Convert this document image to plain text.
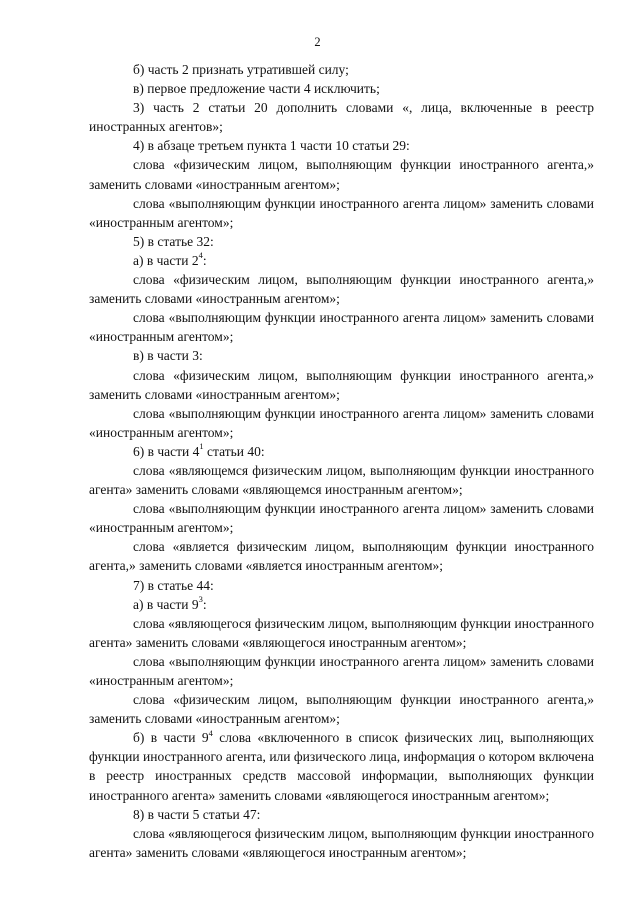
2

б) часть 2 признать утратившей силу;

в) первое предложение части 4 исключить;

3) часть 2 статьи 20 дополнить словами «, лица, включенные в реестр иностранных агентов»;

4) в абзаце третьем пункта 1 части 10 статьи 29:

слова «физическим лицом, выполняющим функции иностранного агента,» заменить словами «иностранным агентом»;

слова «выполняющим функции иностранного агента лицом» заменить словами «иностранным агентом»;

5) в статье 32:

а) в части $2^4$:

слова «физическим лицом, выполняющим функции иностранного агента,» заменить словами «иностранным агентом»;

слова «выполняющим функции иностранного агента лицом» заменить словами «иностранным агентом»;

в) в части 3:

слова «физическим лицом, выполняющим функции иностранного агента,» заменить словами «иностранным агентом»;

слова «выполняющим функции иностранного агента лицом» заменить словами «иностранным агентом»;

6) в части $4^1$ статьи 40:

слова «являющемся физическим лицом, выполняющим функции иностранного агента» заменить словами «являющемся иностранным агентом»;

слова «выполняющим функции иностранного агента лицом» заменить словами «иностранным агентом»;

слова «является физическим лицом, выполняющим функции иностранного агента,» заменить словами «является иностранным агентом»;

7) в статье 44:

а) в части $9^3$:

слова «являющегося физическим лицом, выполняющим функции иностранного агента» заменить словами «являющегося иностранным агентом»;

слова «выполняющим функции иностранного агента лицом» заменить словами «иностранным агентом»;

слова «физическим лицом, выполняющим функции иностранного агента,» заменить словами «иностранным агентом»;

б) в части $9^4$ слова «включенного в список физических лиц, выполняющих функции иностранного агента, или физического лица, информация о котором включена в реестр иностранных средств массовой информации, выполняющих функции иностранного агента» заменить словами «являющегося иностранным агентом»;

8) в части 5 статьи 47:

слова «являющегося физическим лицом, выполняющим функции иностранного агента» заменить словами «являющегося иностранным агентом»;
